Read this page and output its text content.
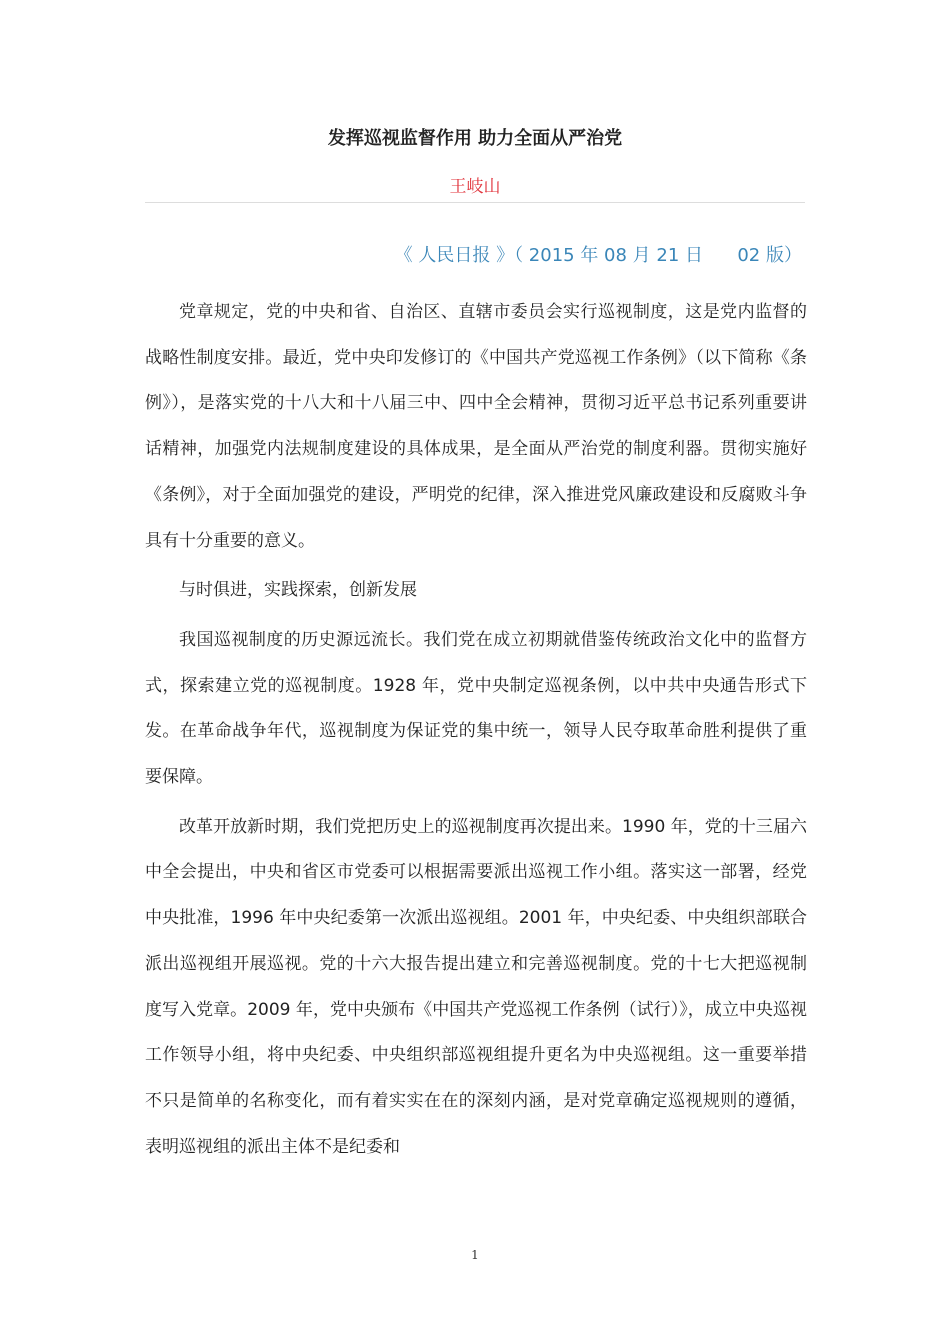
发挥巡视监督作用 助力全面从严治党
王岐山
《 人民日报 》（ 2015 年 08 月 21 日      02 版）

党章规定，党的中央和省、自治区、直辖市委员会实行巡视制度，这是党内监督的战略性制度安排。最近，党中央印发修订的《中国共产党巡视工作条例》（以下简称《条例》），是落实党的十八大和十八届三中、四中全会精神，贯彻习近平总书记系列重要讲话精神，加强党内法规制度建设的具体成果，是全面从严治党的制度利器。贯彻实施好《条例》，对于全面加强党的建设，严明党的纪律，深入推进党风廉政建设和反腐败斗争具有十分重要的意义。

与时俱进，实践探索，创新发展

我国巡视制度的历史源远流长。我们党在成立初期就借鉴传统政治文化中的监督方式，探索建立党的巡视制度。1928 年，党中央制定巡视条例，以中共中央通告形式下发。在革命战争年代，巡视制度为保证党的集中统一，领导人民夺取革命胜利提供了重要保障。

改革开放新时期，我们党把历史上的巡视制度再次提出来。1990 年，党的十三届六中全会提出，中央和省区市党委可以根据需要派出巡视工作小组。落实这一部署，经党中央批准，1996 年中央纪委第一次派出巡视组。2001 年，中央纪委、中央组织部联合派出巡视组开展巡视。党的十六大报告提出建立和完善巡视制度。党的十七大把巡视制度写入党章。2009 年，党中央颁布《中国共产党巡视工作条例（试行）》，成立中央巡视工作领导小组，将中央纪委、中央组织部巡视组提升更名为中央巡视组。这一重要举措不只是简单的名称变化，而有着实实在在的深刻内涵，是对党章确定巡视规则的遵循，表明巡视组的派出主体不是纪委和

1
